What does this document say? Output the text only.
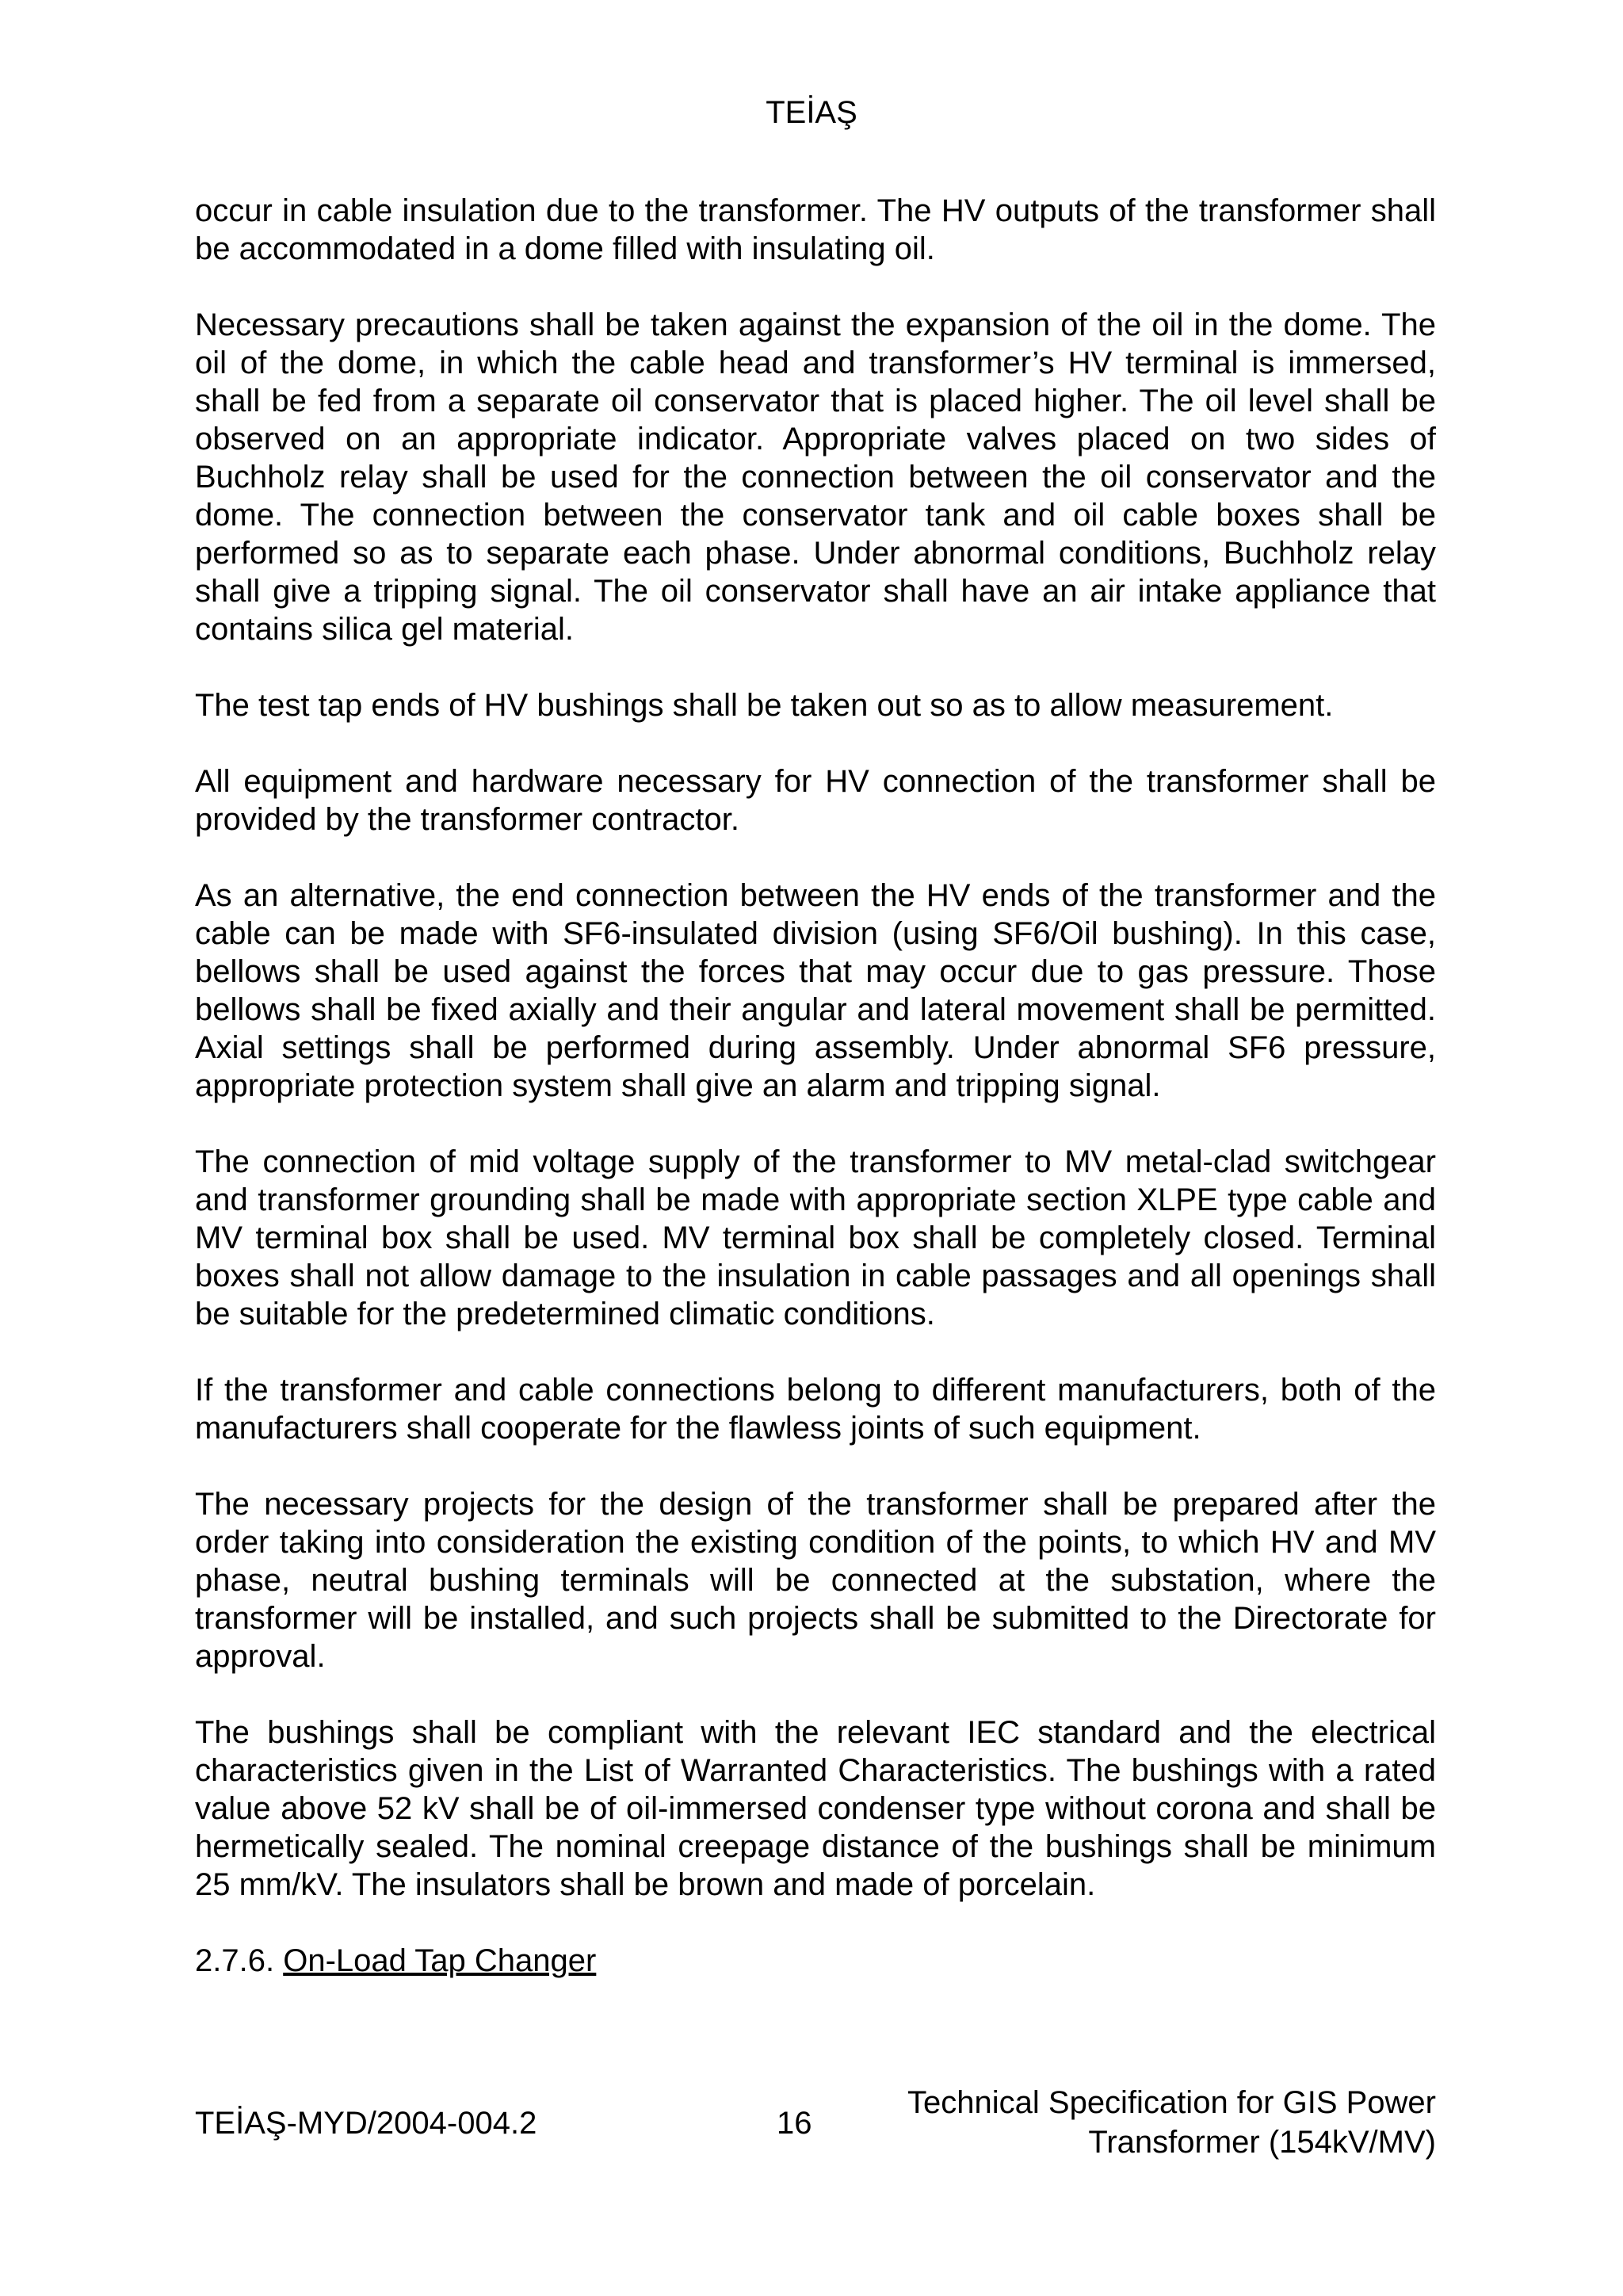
TEİAŞ

occur in cable insulation due to the transformer. The HV outputs of the transformer shall be accommodated in a dome filled with insulating oil.

Necessary precautions shall be taken against the expansion of the oil in the dome. The oil of the dome, in which the cable head and transformer’s HV terminal is immersed, shall be fed from a separate oil conservator that is placed higher. The oil level shall be observed on an appropriate indicator. Appropriate valves placed on two sides of Buchholz relay shall be used for the connection between the oil conservator and the dome. The connection between the conservator tank and oil cable boxes shall be performed so as to separate each phase. Under abnormal conditions, Buchholz relay shall give a tripping signal. The oil conservator shall have an air intake appliance that contains silica gel material.

The test tap ends of HV bushings shall be taken out so as to allow measurement.

All equipment and hardware necessary for HV connection of the transformer shall be provided by the transformer contractor.

As an alternative, the end connection between the HV ends of the transformer and the cable can be made with SF6-insulated division (using SF6/Oil bushing). In this case, bellows shall be used against the forces that may occur due to gas pressure. Those bellows shall be fixed axially and their angular and lateral movement shall be permitted. Axial settings shall be performed during assembly. Under abnormal SF6 pressure, appropriate protection system shall give an alarm and tripping signal.

The connection of mid voltage supply of the transformer to MV metal-clad switchgear and transformer grounding shall be made with appropriate section XLPE type cable and MV terminal box shall be used. MV terminal box shall be completely closed. Terminal boxes shall not allow damage to the insulation in cable passages and all openings shall be suitable for the predetermined climatic conditions.

If the transformer and cable connections belong to different manufacturers, both of the manufacturers shall cooperate for the flawless joints of such equipment.

The necessary projects for the design of the transformer shall be prepared after the order taking into consideration the existing condition of the points, to which HV and MV phase, neutral bushing terminals will be connected at the substation, where the transformer will be installed, and such projects shall be submitted to the Directorate for approval.

The bushings shall be compliant with the relevant IEC standard and the electrical characteristics given in the List of Warranted Characteristics. The bushings with a rated value above 52 kV shall be of oil-immersed condenser type without corona and shall be hermetically sealed. The nominal creepage distance of the bushings shall be minimum 25 mm/kV. The insulators shall be brown and made of porcelain.

2.7.6. On-Load Tap Changer

TEİAŞ-MYD/2004-004.2	16
Technical Specification for GIS Power
Transformer (154kV/MV)
